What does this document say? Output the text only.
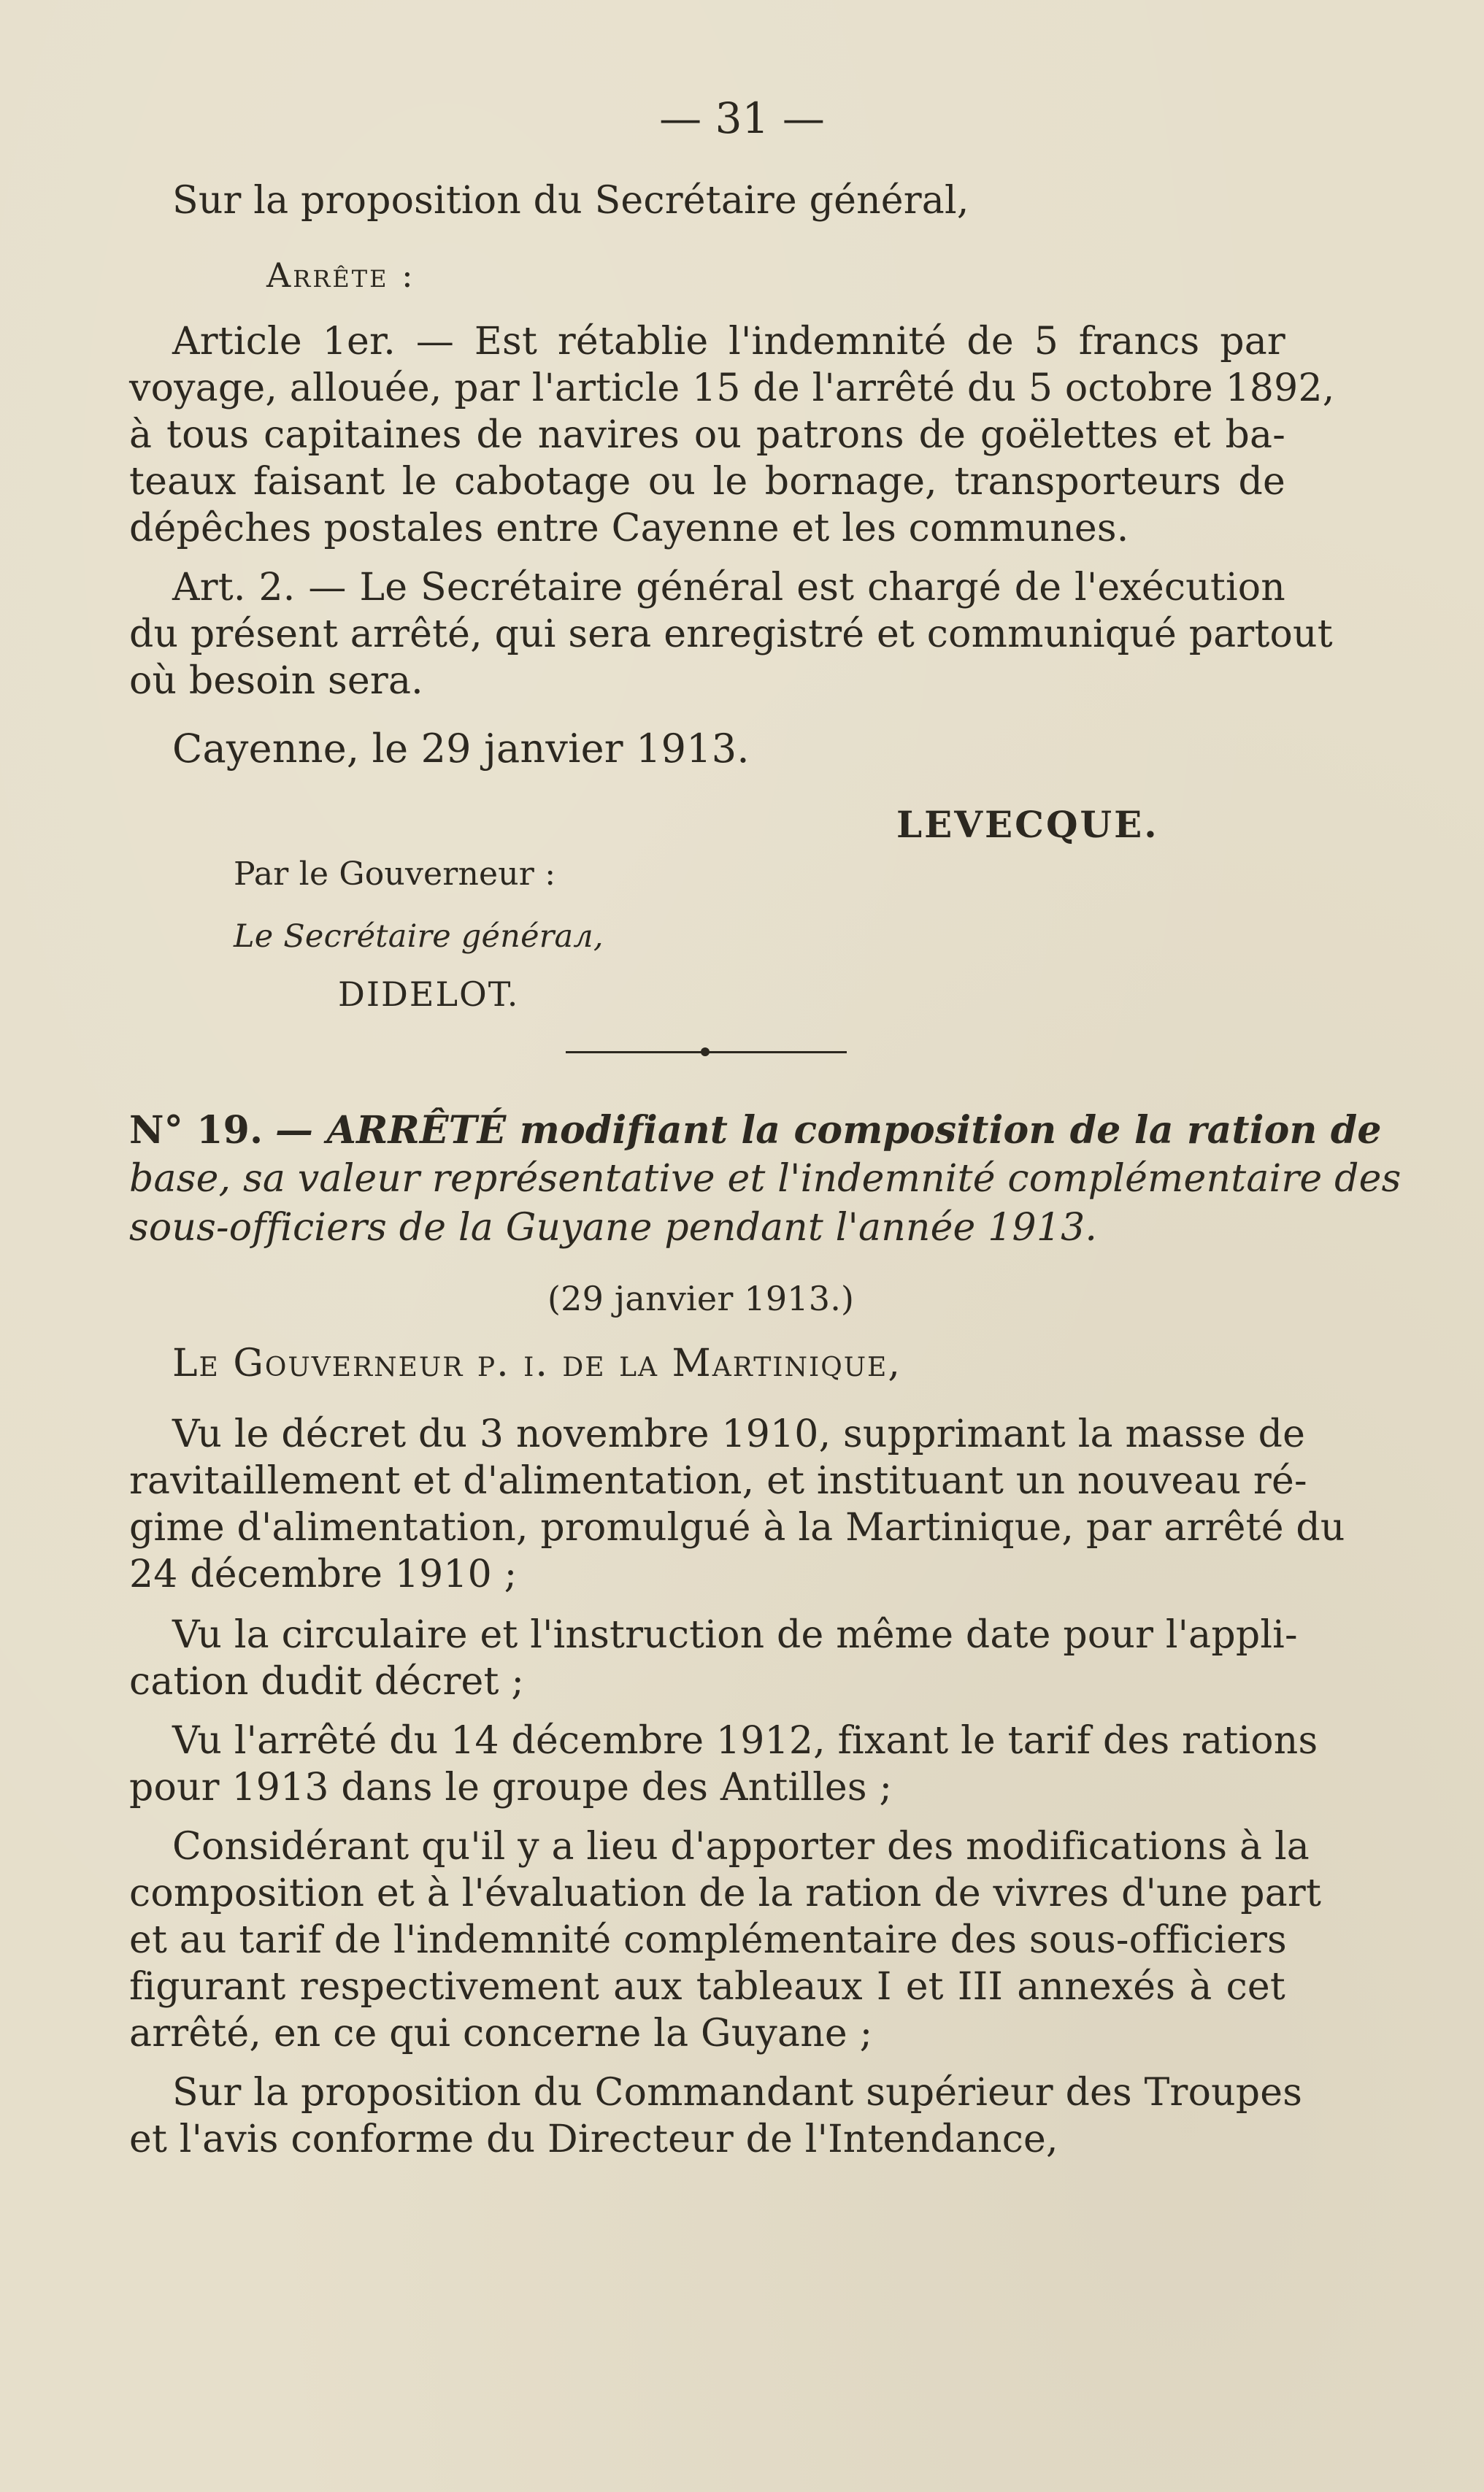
— 31 —
Sur la proposition du Secrétaire général,
Arrête :
Article 1er. — Est rétablie l'indemnité de 5 francs par
voyage, allouée, par l'article 15 de l'arrêté du 5 octobre 1892,
à tous capitaines de navires ou patrons de goëlettes et ba-
teaux faisant le cabotage ou le bornage, transporteurs de
dépêches postales entre Cayenne et les communes.
Art. 2. — Le Secrétaire général est chargé de l'exécution
du présent arrêté, qui sera enregistré et communiqué partout
où besoin sera.
Cayenne, le 29 janvier 1913.
LEVECQUE.
Par le Gouverneur :
Le Secrétaire générал,
DIDELOT.
N° 19. — ARRÊTÉ modifiant la composition de la ration de
base, sa valeur représentative et l'indemnité complémentaire des
sous-officiers de la Guyane pendant l'année 1913.
(29 janvier 1913.)
Le Gouverneur p. i. de la Martinique,
Vu le décret du 3 novembre 1910, supprimant la masse de
ravitaillement et d'alimentation, et instituant un nouveau ré-
gime d'alimentation, promulgué à la Martinique, par arrêté du
24 décembre 1910 ;
Vu la circulaire et l'instruction de même date pour l'appli-
cation dudit décret ;
Vu l'arrêté du 14 décembre 1912, fixant le tarif des rations
pour 1913 dans le groupe des Antilles ;
Considérant qu'il y a lieu d'apporter des modifications à la
composition et à l'évaluation de la ration de vivres d'une part
et au tarif de l'indemnité complémentaire des sous-officiers
figurant respectivement aux tableaux I et III annexés à cet
arrêté, en ce qui concerne la Guyane ;
Sur la proposition du Commandant supérieur des Troupes
et l'avis conforme du Directeur de l'Intendance,
